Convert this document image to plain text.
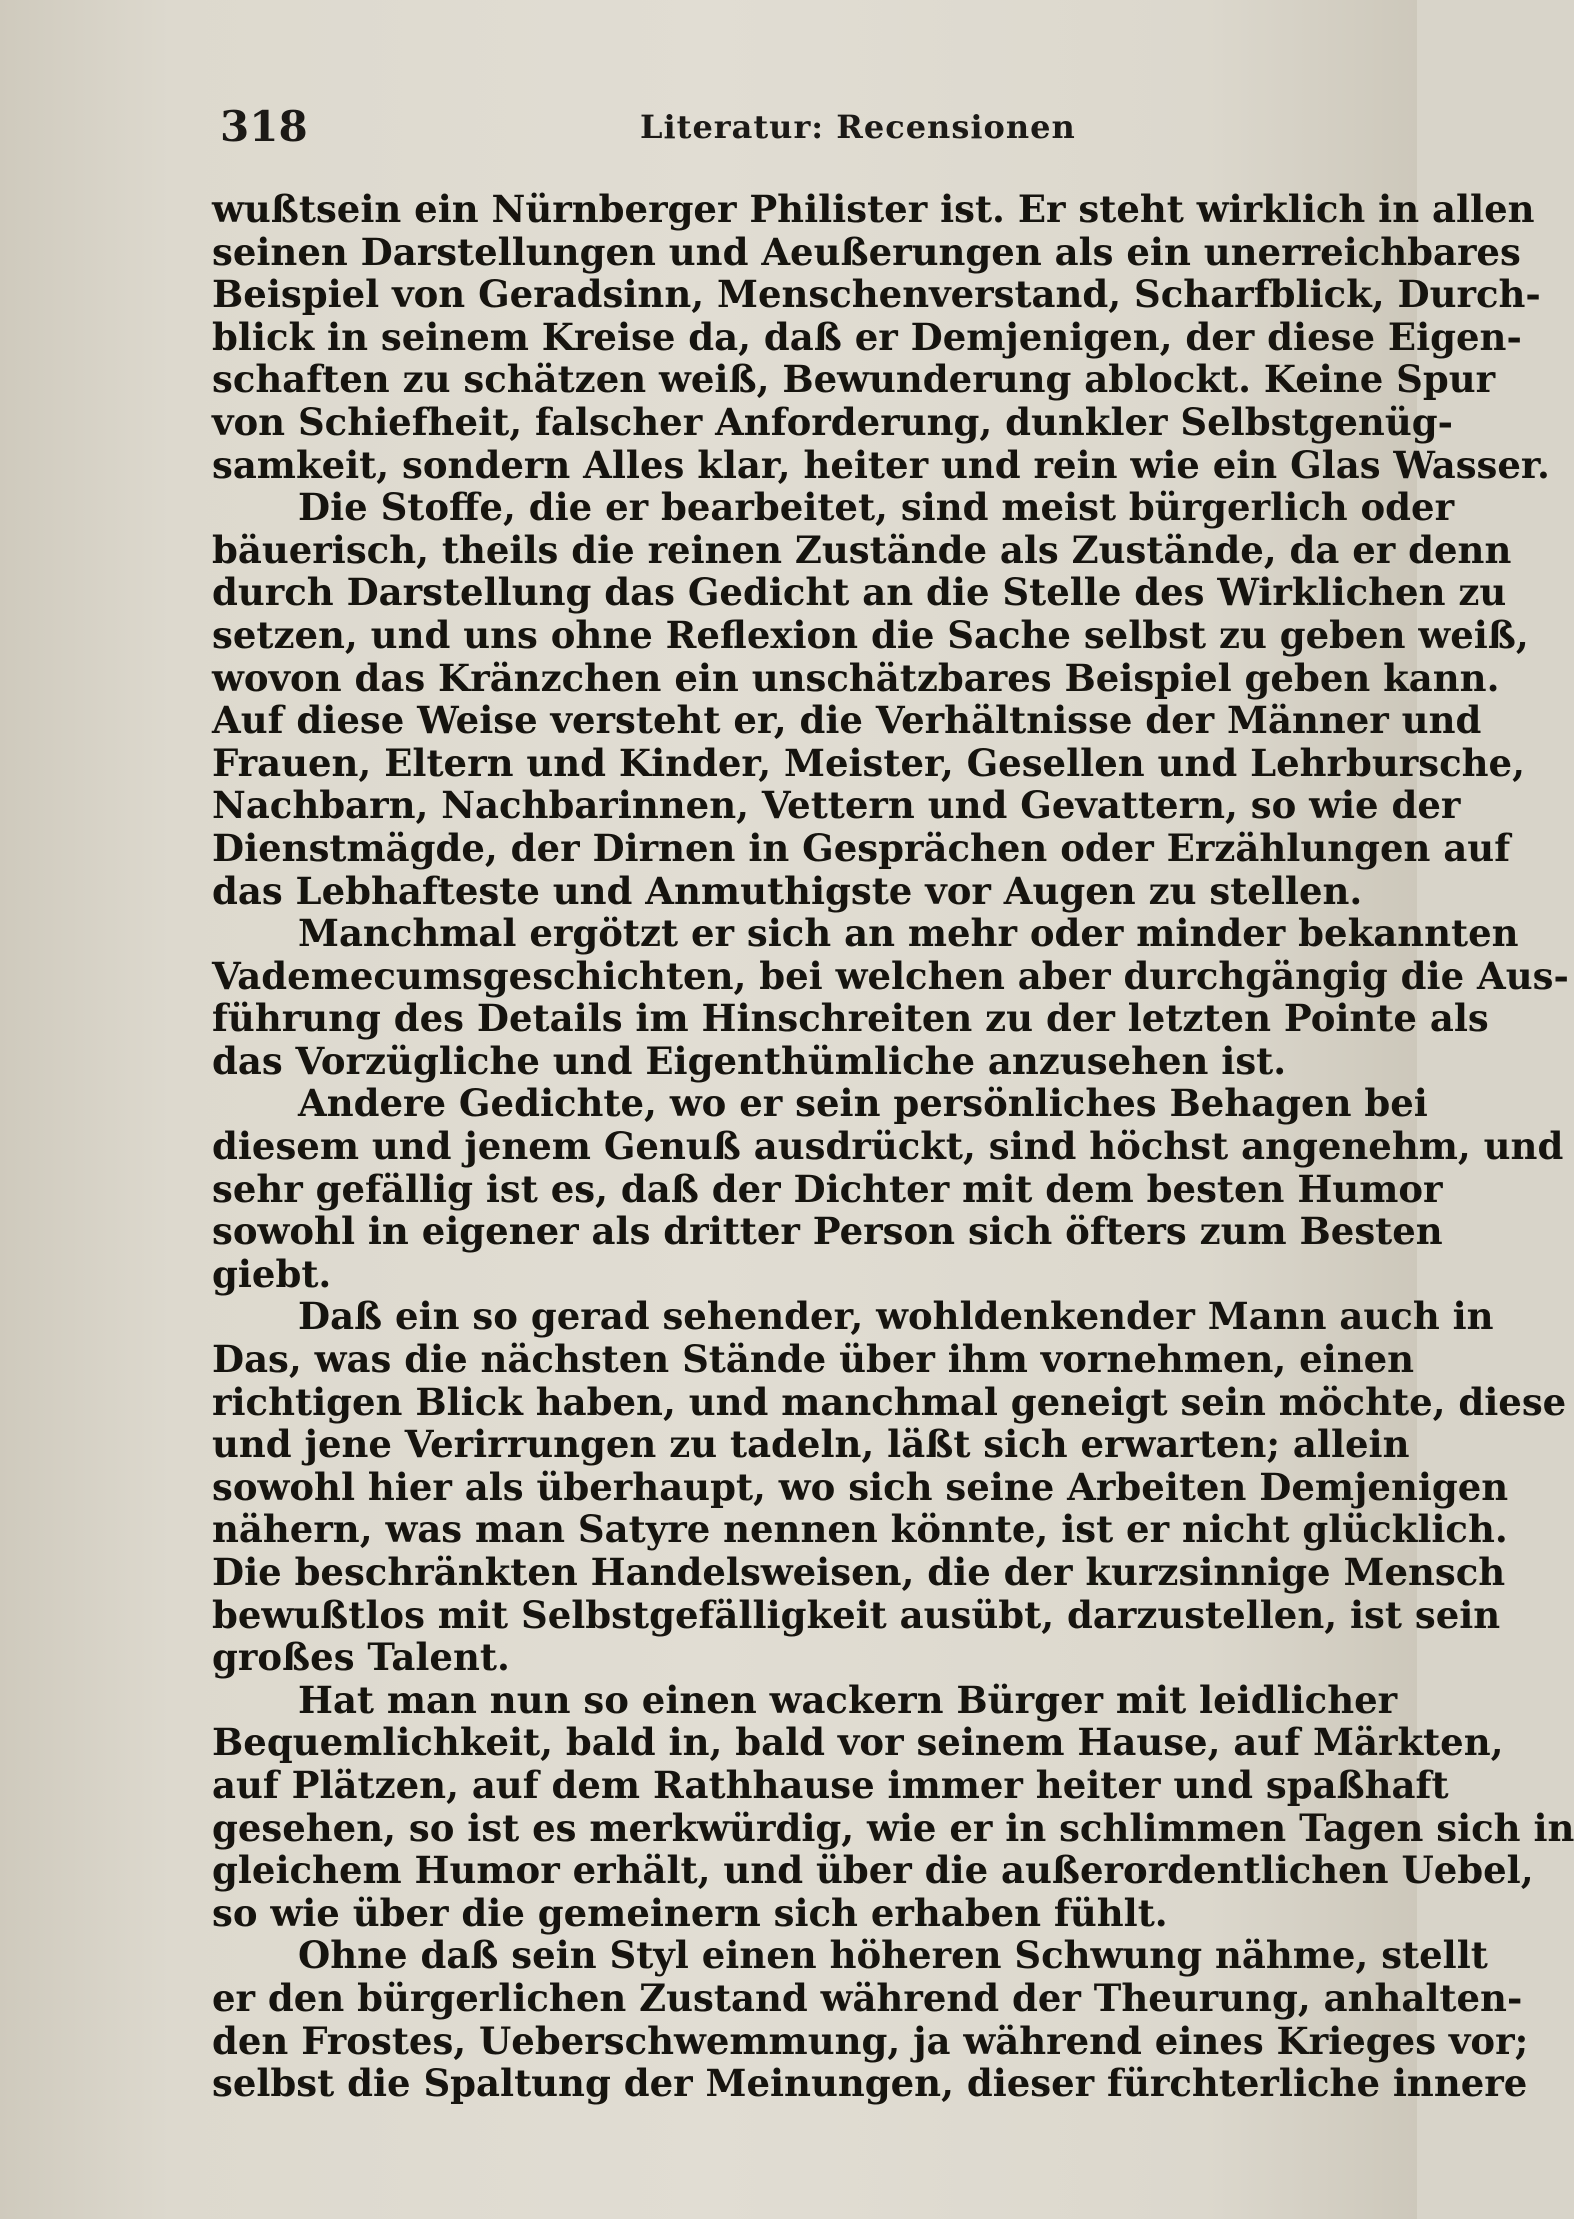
318	Literatur: Recensionen

wußtsein ein Nürnberger Philister ist. Er steht wirklich in allen
seinen Darstellungen und Aeußerungen als ein unerreichbares
Beispiel von Geradsinn, Menschenverstand, Scharfblick, Durch-
blick in seinem Kreise da, daß er Demjenigen, der diese Eigen-
schaften zu schätzen weiß, Bewunderung ablockt. Keine Spur
von Schiefheit, falscher Anforderung, dunkler Selbstgenüg-
samkeit, sondern Alles klar, heiter und rein wie ein Glas Wasser.

Die Stoffe, die er bearbeitet, sind meist bürgerlich oder
bäuerisch, theils die reinen Zustände als Zustände, da er denn
durch Darstellung das Gedicht an die Stelle des Wirklichen zu
setzen, und uns ohne Reflexion die Sache selbst zu geben weiß,
wovon das Kränzchen ein unschätzbares Beispiel geben kann.
Auf diese Weise versteht er, die Verhältnisse der Männer und
Frauen, Eltern und Kinder, Meister, Gesellen und Lehrbursche,
Nachbarn, Nachbarinnen, Vettern und Gevattern, so wie der
Dienstmägde, der Dirnen in Gesprächen oder Erzählungen auf
das Lebhafteste und Anmuthigste vor Augen zu stellen.

Manchmal ergötzt er sich an mehr oder minder bekannten
Vademecumsgeschichten, bei welchen aber durchgängig die Aus-
führung des Details im Hinschreiten zu der letzten Pointe als
das Vorzügliche und Eigenthümliche anzusehen ist.

Andere Gedichte, wo er sein persönliches Behagen bei
diesem und jenem Genuß ausdrückt, sind höchst angenehm, und
sehr gefällig ist es, daß der Dichter mit dem besten Humor
sowohl in eigener als dritter Person sich öfters zum Besten
giebt.

Daß ein so gerad sehender, wohldenkender Mann auch in
Das, was die nächsten Stände über ihm vornehmen, einen
richtigen Blick haben, und manchmal geneigt sein möchte, diese
und jene Verirrungen zu tadeln, läßt sich erwarten; allein
sowohl hier als überhaupt, wo sich seine Arbeiten Demjenigen
nähern, was man Satyre nennen könnte, ist er nicht glücklich.
Die beschränkten Handelsweisen, die der kurzsinnige Mensch
bewußtlos mit Selbstgefälligkeit ausübt, darzustellen, ist sein
großes Talent.

Hat man nun so einen wackern Bürger mit leidlicher
Bequemlichkeit, bald in, bald vor seinem Hause, auf Märkten,
auf Plätzen, auf dem Rathhause immer heiter und spaßhaft
gesehen, so ist es merkwürdig, wie er in schlimmen Tagen sich in
gleichem Humor erhält, und über die außerordentlichen Uebel,
so wie über die gemeinern sich erhaben fühlt.

Ohne daß sein Styl einen höheren Schwung nähme, stellt
er den bürgerlichen Zustand während der Theurung, anhalten-
den Frostes, Ueberschwemmung, ja während eines Krieges vor;
selbst die Spaltung der Meinungen, dieser fürchterliche innere
